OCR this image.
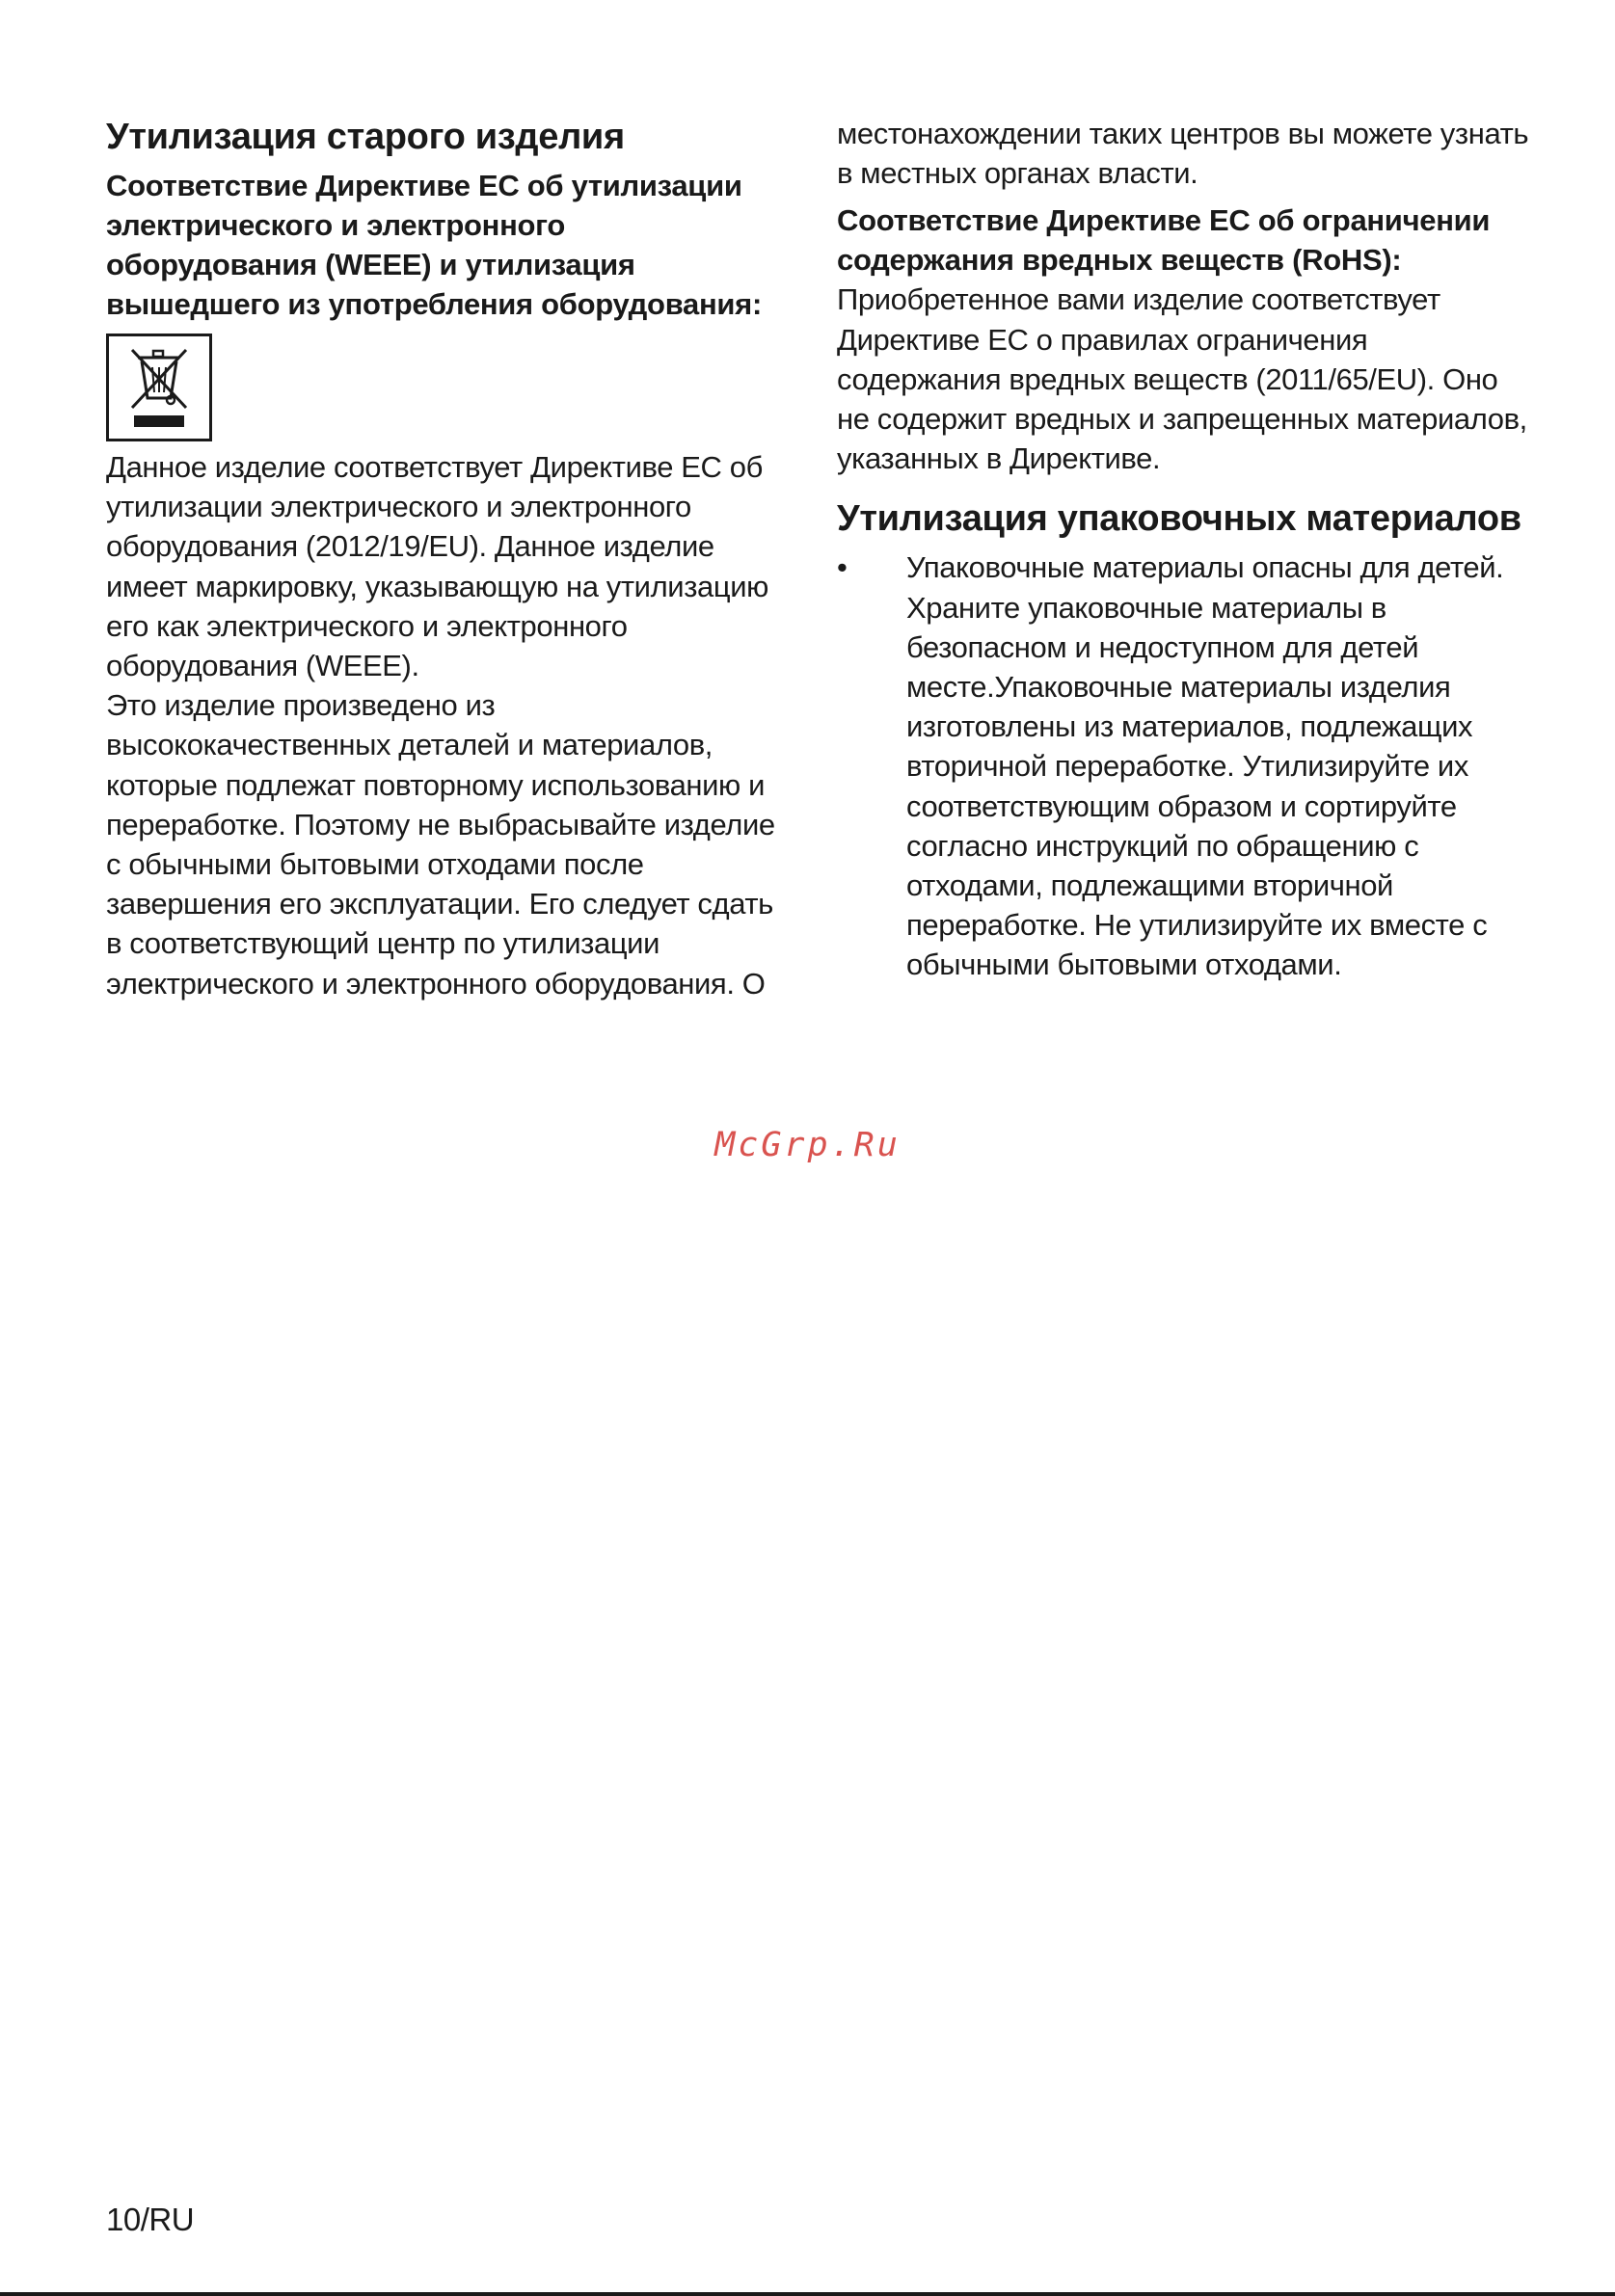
Утилизация старого изделия
Соответствие Директиве ЕС об утилизации электрического и электронного оборудования (WEEE) и утилизация вышедшего из употребления оборудования:

Данное изделие соответствует Директиве ЕС об утилизации электрического и электронного оборудования (2012/19/EU). Данное изделие имеет маркировку, указывающую на утилизацию его как электрического и электронного оборудования (WEEE).

Это изделие произведено из высококачественных деталей и материалов, которые подлежат повторному использованию и переработке. Поэтому не выбрасывайте изделие с обычными бытовыми отходами после завершения его эксплуатации. Его следует сдать в соответствующий центр по утилизации электрического и электронного оборудования. О

местонахождении таких центров вы можете узнать в местных органах власти.

Соответствие Директиве ЕС об ограничении содержания вредных веществ (RoHS):

Приобретенное вами изделие соответствует Директиве ЕС о правилах ограничения содержания вредных веществ (2011/65/EU). Оно не содержит вредных и запрещенных материалов, указанных в Директиве.

Утилизация упаковочных материалов
•	Упаковочные материалы опасны для детей. Храните упаковочные материалы в безопасном и недоступном для детей месте.Упаковочные материалы изделия изготовлены из материалов, подлежащих вторичной переработке. Утилизируйте их соответствующим образом и сортируйте согласно инструкций по обращению с отходами, подлежащими вторичной переработке. Не утилизируйте их вместе с обычными бытовыми отходами.

McGrp.Ru
10/RU
